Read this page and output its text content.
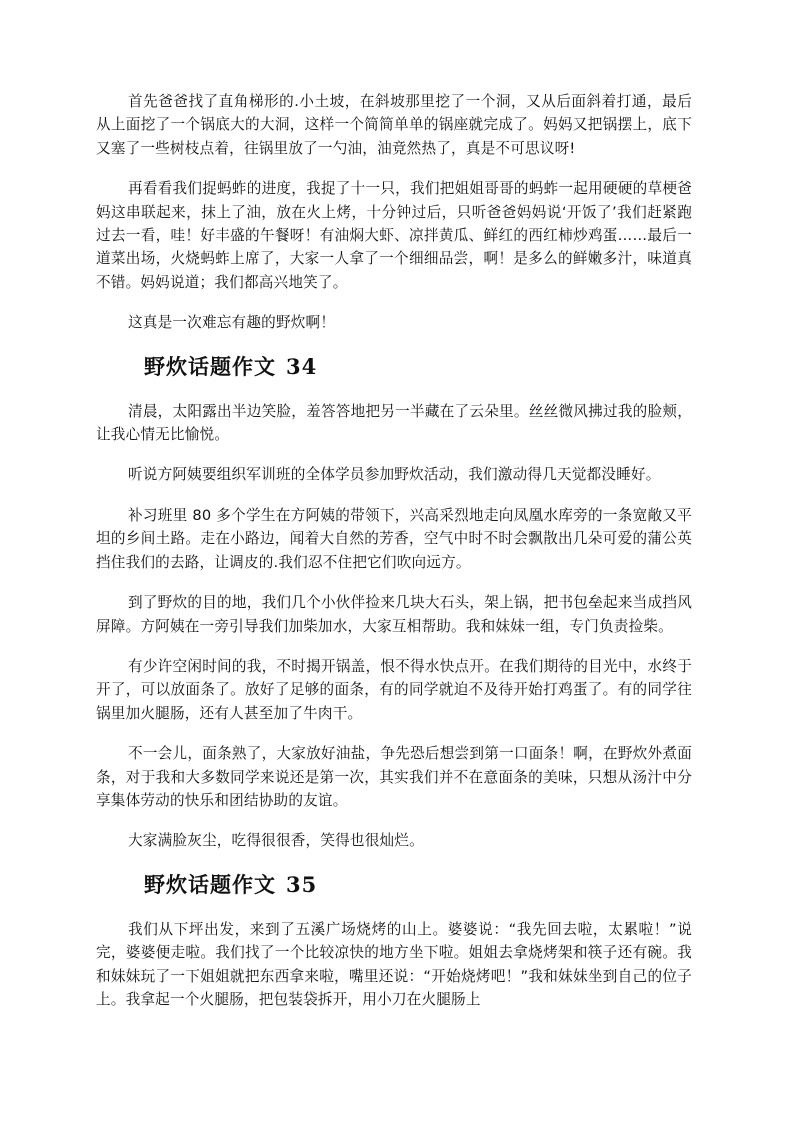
首先爸爸找了直角梯形的.小土坡，在斜坡那里挖了一个洞，又从后面斜着打通，最后从上面挖了一个锅底大的大洞，这样一个简简单单的锅座就完成了。妈妈又把锅摆上，底下又塞了一些树枝点着，往锅里放了一勺油，油竟然热了，真是不可思议呀!

再看看我们捉蚂蚱的进度，我捉了十一只，我们把姐姐哥哥的蚂蚱一起用硬硬的草梗爸妈这串联起来，抹上了油，放在火上烤，十分钟过后，只听爸爸妈妈说‘开饭了’我们赶紧跑过去一看，哇！好丰盛的午餐呀！有油焖大虾、凉拌黄瓜、鲜红的西红柿炒鸡蛋……最后一道菜出场，火烧蚂蚱上席了，大家一人拿了一个细细品尝，啊！是多么的鲜嫩多汁，味道真不错。妈妈说道；我们都高兴地笑了。

这真是一次难忘有趣的野炊啊！

野炊话题作文 34

清晨，太阳露出半边笑脸，羞答答地把另一半藏在了云朵里。丝丝微风拂过我的脸颊，让我心情无比愉悦。

听说方阿姨要组织军训班的全体学员参加野炊活动，我们激动得几天觉都没睡好。

补习班里 80 多个学生在方阿姨的带领下，兴高采烈地走向凤凰水库旁的一条宽敞又平坦的乡间土路。走在小路边，闻着大自然的芳香，空气中时不时会飘散出几朵可爱的蒲公英挡住我们的去路，让调皮的.我们忍不住把它们吹向远方。

到了野炊的目的地，我们几个小伙伴捡来几块大石头，架上锅，把书包垒起来当成挡风屏障。方阿姨在一旁引导我们加柴加水，大家互相帮助。我和妹妹一组，专门负责捡柴。

有少许空闲时间的我，不时揭开锅盖，恨不得水快点开。在我们期待的目光中，水终于开了，可以放面条了。放好了足够的面条，有的同学就迫不及待开始打鸡蛋了。有的同学往锅里加火腿肠，还有人甚至加了牛肉干。

不一会儿，面条熟了，大家放好油盐，争先恐后想尝到第一口面条！啊，在野炊外煮面条，对于我和大多数同学来说还是第一次，其实我们并不在意面条的美味，只想从汤汁中分享集体劳动的快乐和团结协助的友谊。

大家满脸灰尘，吃得很很香，笑得也很灿烂。

野炊话题作文 35

我们从下坪出发，来到了五溪广场烧烤的山上。婆婆说：“我先回去啦，太累啦！”说完，婆婆便走啦。我们找了一个比较凉快的地方坐下啦。姐姐去拿烧烤架和筷子还有碗。我和妹妹玩了一下姐姐就把东西拿来啦，嘴里还说：“开始烧烤吧！”我和妹妹坐到自己的位子上。我拿起一个火腿肠，把包装袋拆开，用小刀在火腿肠上
